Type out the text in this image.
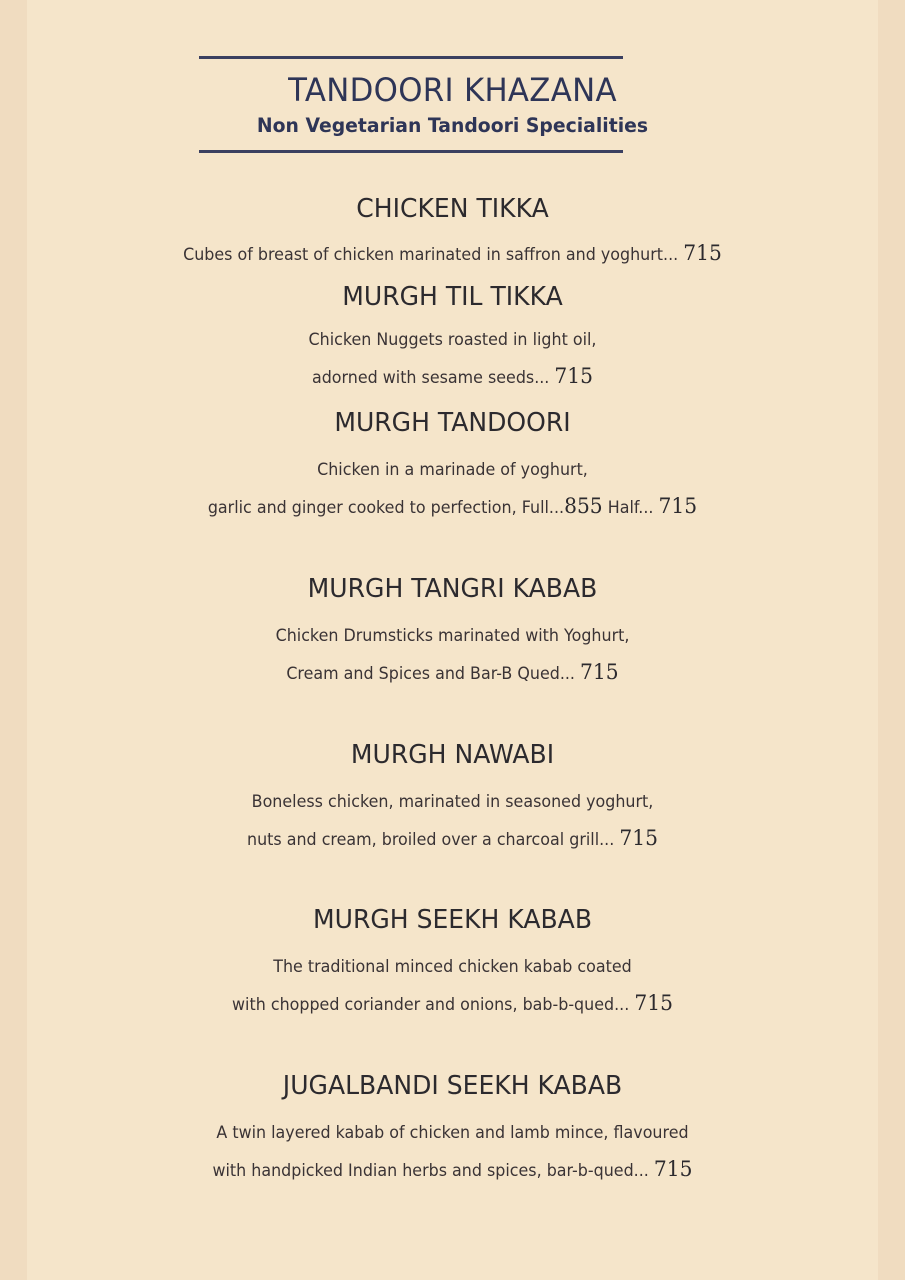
TANDOORI KHAZANA
Non Vegetarian Tandoori Specialities
CHICKEN TIKKA
Cubes of breast of chicken marinated in saffron and yoghurt... 715
MURGH TIL TIKKA
Chicken Nuggets roasted in light oil,
adorned with sesame seeds... 715
MURGH TANDOORI
Chicken in a marinade of yoghurt,
garlic and ginger cooked to perfection, Full...855 Half... 715
MURGH TANGRI KABAB
Chicken Drumsticks marinated with Yoghurt,
Cream and Spices and Bar-B Qued... 715
MURGH NAWABI
Boneless chicken, marinated in seasoned yoghurt,
nuts and cream, broiled over a charcoal grill... 715
MURGH SEEKH KABAB
The traditional minced chicken kabab coated
with chopped coriander and onions, bab-b-qued... 715
JUGALBANDI SEEKH KABAB
A twin layered kabab of chicken and lamb mince, flavoured
with handpicked Indian herbs and spices, bar-b-qued... 715
